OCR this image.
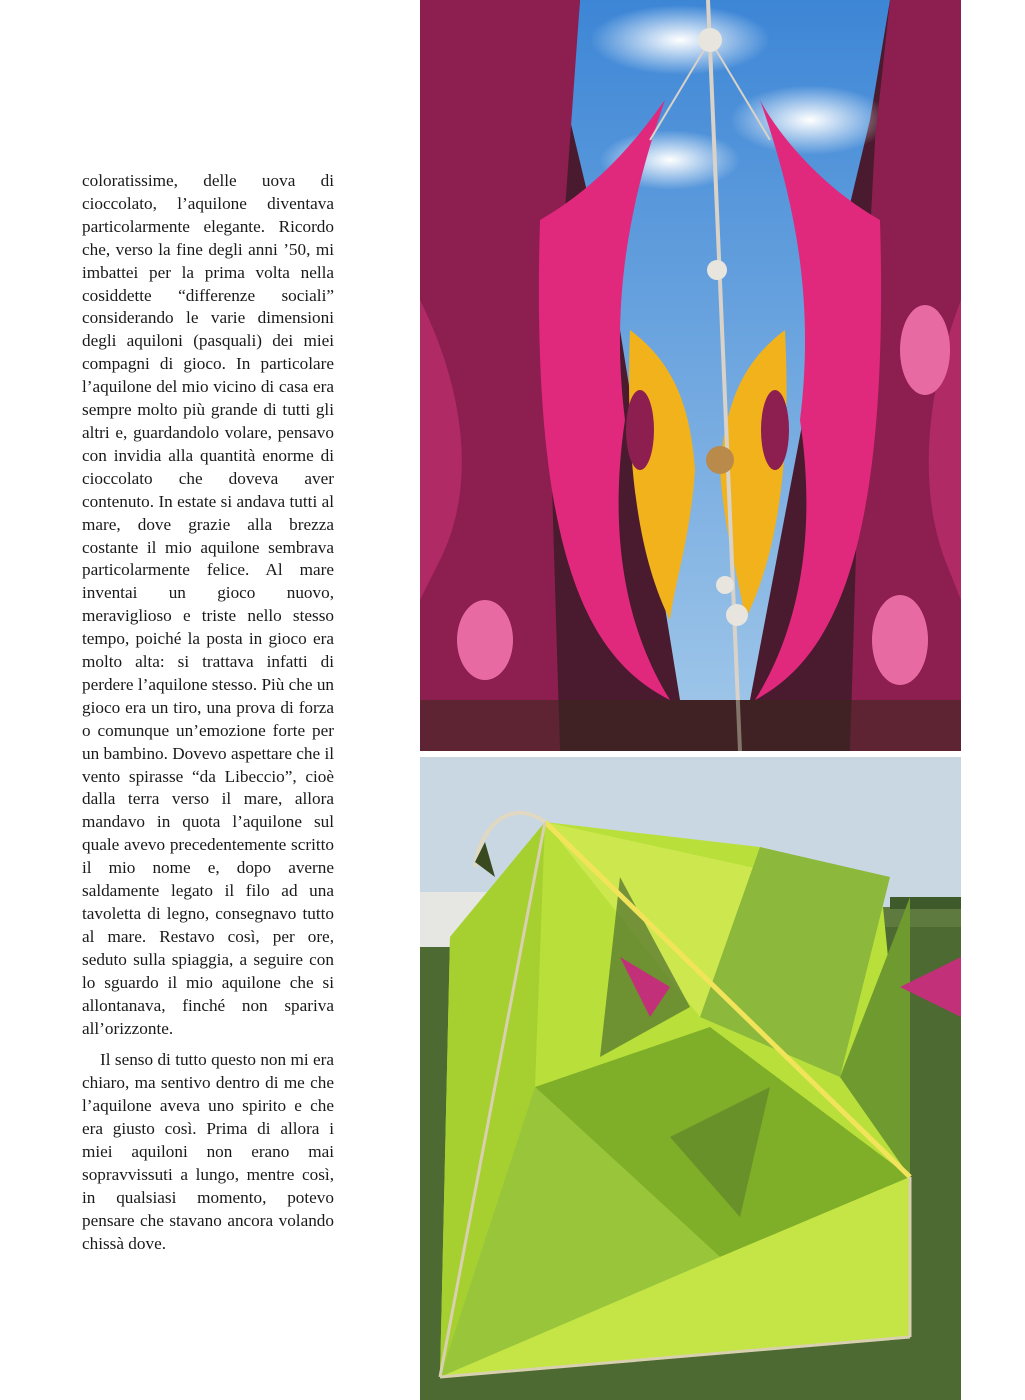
coloratissime, delle uova di cioccolato, l’aquilone diventava particolarmente elegante. Ricordo che, verso la fine degli anni ’50, mi imbattei per la prima volta nella cosiddette “differenze sociali” considerando le varie dimensioni degli aquiloni (pasquali) dei miei compagni di gioco. In particolare l’aquilone del mio vicino di casa era sempre molto più grande di tutti gli altri e, guardandolo volare, pensavo con invidia alla quantità enorme di cioccolato che doveva aver contenuto. In estate si andava tutti al mare, dove grazie alla brezza costante il mio aquilone sembrava particolarmente felice. Al mare inventai un gioco nuovo, meraviglioso e triste nello stesso tempo, poiché la posta in gioco era molto alta: si trattava infatti di perdere l’aquilone stesso. Più che un gioco era un tiro, una prova di forza o comunque un’emozione forte per un bambino. Dovevo aspettare che il vento spirasse “da Libeccio”, cioè dalla terra verso il mare, allora mandavo in quota l’aquilone sul quale avevo precedentemente scritto il mio nome e, dopo averne saldamente legato il filo ad una tavoletta di legno, consegnavo tutto al mare. Restavo così, per ore, seduto sulla spiaggia, a seguire con lo sguardo il mio aquilone che si allontanava, finché non spariva all’orizzonte.

Il senso di tutto questo non mi era chiaro, ma sentivo dentro di me che l’aquilone aveva uno spirito e che era giusto così. Prima di allora i miei aquiloni non erano mai sopravvissuti a lungo, mentre così, in qualsiasi momento, potevo pensare che stavano ancora volando chissà dove.
